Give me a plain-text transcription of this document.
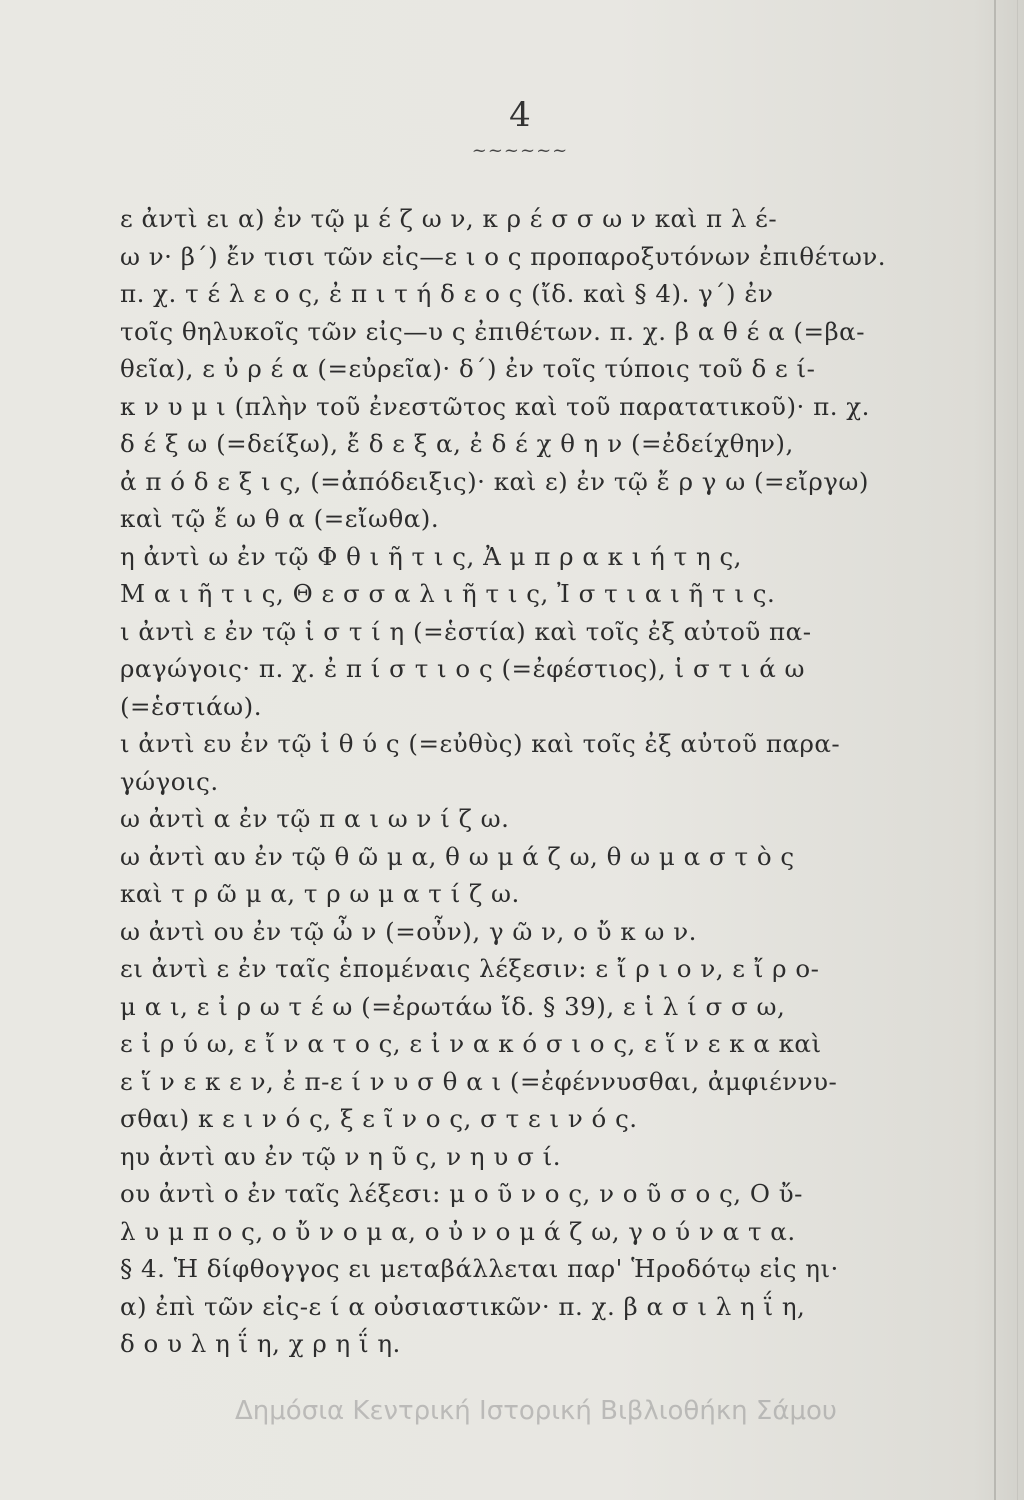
4
~~~~~~
ε ἀντὶ ει α) ἐν τῷ μ έ ζ ω ν, κ ρ έ σ σ ω ν καὶ π λ έ-
ω ν· β΄) ἔν τισι τῶν εἰς—ε ι ο ς προπαροξυτόνων ἐπιθέτων.
π. χ. τ έ λ ε ο ς, ἐ π ι τ ή δ ε ο ς (ἴδ. καὶ § 4). γ΄) ἐν
τοῖς θηλυκοῖς τῶν εἰς—υ ς ἐπιθέτων. π. χ. β α θ έ α (=βα-
θεῖα), ε ὐ ρ έ α (=εὐρεῖα)· δ΄) ἐν τοῖς τύποις τοῦ δ ε ί-
κ ν υ μ ι (πλὴν τοῦ ἐνεστῶτος καὶ τοῦ παρατατικοῦ)· π. χ.
δ έ ξ ω (=δείξω), ἔ δ ε ξ α, ἐ δ έ χ θ η ν (=ἐδείχθην),
ἀ π ό δ ε ξ ι ς, (=ἀπόδειξις)· καὶ ε) ἐν τῷ ἔ ρ γ ω (=εἴργω)
καὶ τῷ ἔ ω θ α (=εἴωθα).
η ἀντὶ ω ἐν τῷ Φ θ ι ῆ τ ι ς, Ἀ μ π ρ α κ ι ή τ η ς,
Μ α ι ῆ τ ι ς, Θ ε σ σ α λ ι ῆ τ ι ς, Ἰ σ τ ι α ι ῆ τ ι ς.
ι ἀντὶ ε ἐν τῷ ἱ σ τ ί η (=ἑστία) καὶ τοῖς ἐξ αὐτοῦ πα-
ραγώγοις· π. χ. ἐ π ί σ τ ι ο ς (=ἐφέστιος), ἱ σ τ ι ά ω
(=ἑστιάω).
ι ἀντὶ ευ ἐν τῷ ἰ θ ύ ς (=εὐθὺς) καὶ τοῖς ἐξ αὐτοῦ παρα-
γώγοις.
ω ἀντὶ α ἐν τῷ π α ι ω ν ί ζ ω.
ω ἀντὶ αυ ἐν τῷ θ ῶ μ α, θ ω μ ά ζ ω, θ ω μ α σ τ ὸ ς
καὶ τ ρ ῶ μ α, τ ρ ω μ α τ ί ζ ω.
ω ἀντὶ ου ἐν τῷ ὦ ν (=οὖν), γ ῶ ν, ο ὔ κ ω ν.
ει ἀντὶ ε ἐν ταῖς ἑπομέναις λέξεσιν: ε ἴ ρ ι ο ν, ε ἴ ρ ο-
μ α ι, ε ἰ ρ ω τ έ ω (=ἐρωτάω ἴδ. § 39), ε ἱ λ ί σ σ ω,
ε ἰ ρ ύ ω, ε ἴ ν α τ ο ς, ε ἰ ν α κ ό σ ι ο ς, ε ἵ ν ε κ α καὶ
ε ἵ ν ε κ ε ν, ἐ π-ε ί ν υ σ θ α ι (=ἐφέννυσθαι, ἀμφιέννυ-
σθαι) κ ε ι ν ό ς, ξ ε ῖ ν ο ς, σ τ ε ι ν ό ς.
ηυ ἀντὶ αυ ἐν τῷ ν η ῦ ς, ν η υ σ ί.
ου ἀντὶ ο ἐν ταῖς λέξεσι: μ ο ῦ ν ο ς, ν ο ῦ σ ο ς, Ο ὔ-
λ υ μ π ο ς, ο ὔ ν ο μ α, ο ὐ ν ο μ ά ζ ω, γ ο ύ ν α τ α.
§ 4. Ἡ δίφθογγος ει μεταβάλλεται παρ' Ἡροδότῳ εἰς ηι·
α) ἐπὶ τῶν εἰς-ε ί α οὐσιαστικῶν· π. χ. β α σ ι λ η ΐ η,
δ ο υ λ η ΐ η, χ ρ η ΐ η.
Δημόσια Κεντρική Ιστορική Βιβλιοθήκη Σάμου
